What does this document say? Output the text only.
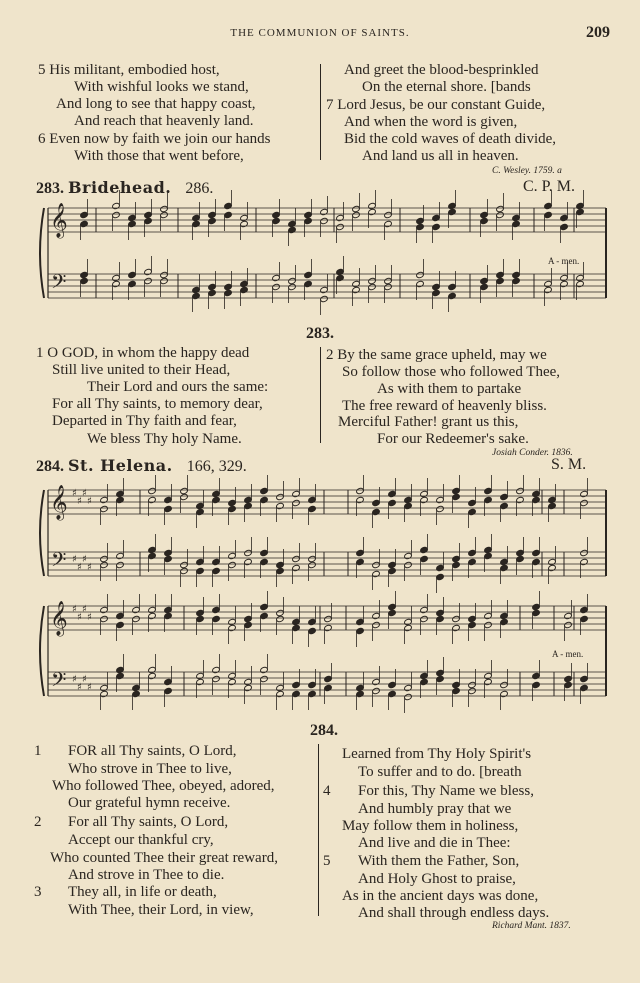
THE COMMUNION OF SAINTS.	209
5 His militant, embodied host,
With wishful looks we stand,
And long to see that happy coast,
And reach that heavenly land.
6 Even now by faith we join our hands
With those that went before,
And greet the blood-besprinkled
On the eternal shore. [bands
7 Lord Jesus, be our constant Guide,
And when the word is given,
Bid the cold waves of death divide,
And land us all in heaven.
C. Wesley. 1759. a
283. Bridehead. 286.	C. P. M.
𝄞
𝄢
A - men.
283.
1 O GOD, in whom the happy dead
Still live united to their Head,
Their Lord and ours the same:
For all Thy saints, to memory dear,
Departed in Thy faith and fear,
We bless Thy holy Name.
2 By the same grace upheld, may we
So follow those who followed Thee,
As with them to partake
The free reward of heavenly bliss.
Merciful Father! grant us this,
For our Redeemer's sake.
Josiah Conder. 1836.
284. St. Helena. 166, 329.	S. M.
𝄞
𝄢
♯
♯
♯
♯
♯
♯
♯
♯
𝄞
𝄢
♯
♯
♯
♯
♯
♯
♯
♯
A - men.
284.
1 FOR all Thy saints, O Lord,
Who strove in Thee to live,
Who followed Thee, obeyed, adored,
Our grateful hymn receive.
2 For all Thy saints, O Lord,
Accept our thankful cry,
Who counted Thee their great reward,
And strove in Thee to die.
3 They all, in life or death,
With Thee, their Lord, in view,
Learned from Thy Holy Spirit's
To suffer and to do. [breath
4 For this, Thy Name we bless,
And humbly pray that we
May follow them in holiness,
And live and die in Thee:
5 With them the Father, Son,
And Holy Ghost to praise,
As in the ancient days was done,
And shall through endless days.
Richard Mant. 1837.
